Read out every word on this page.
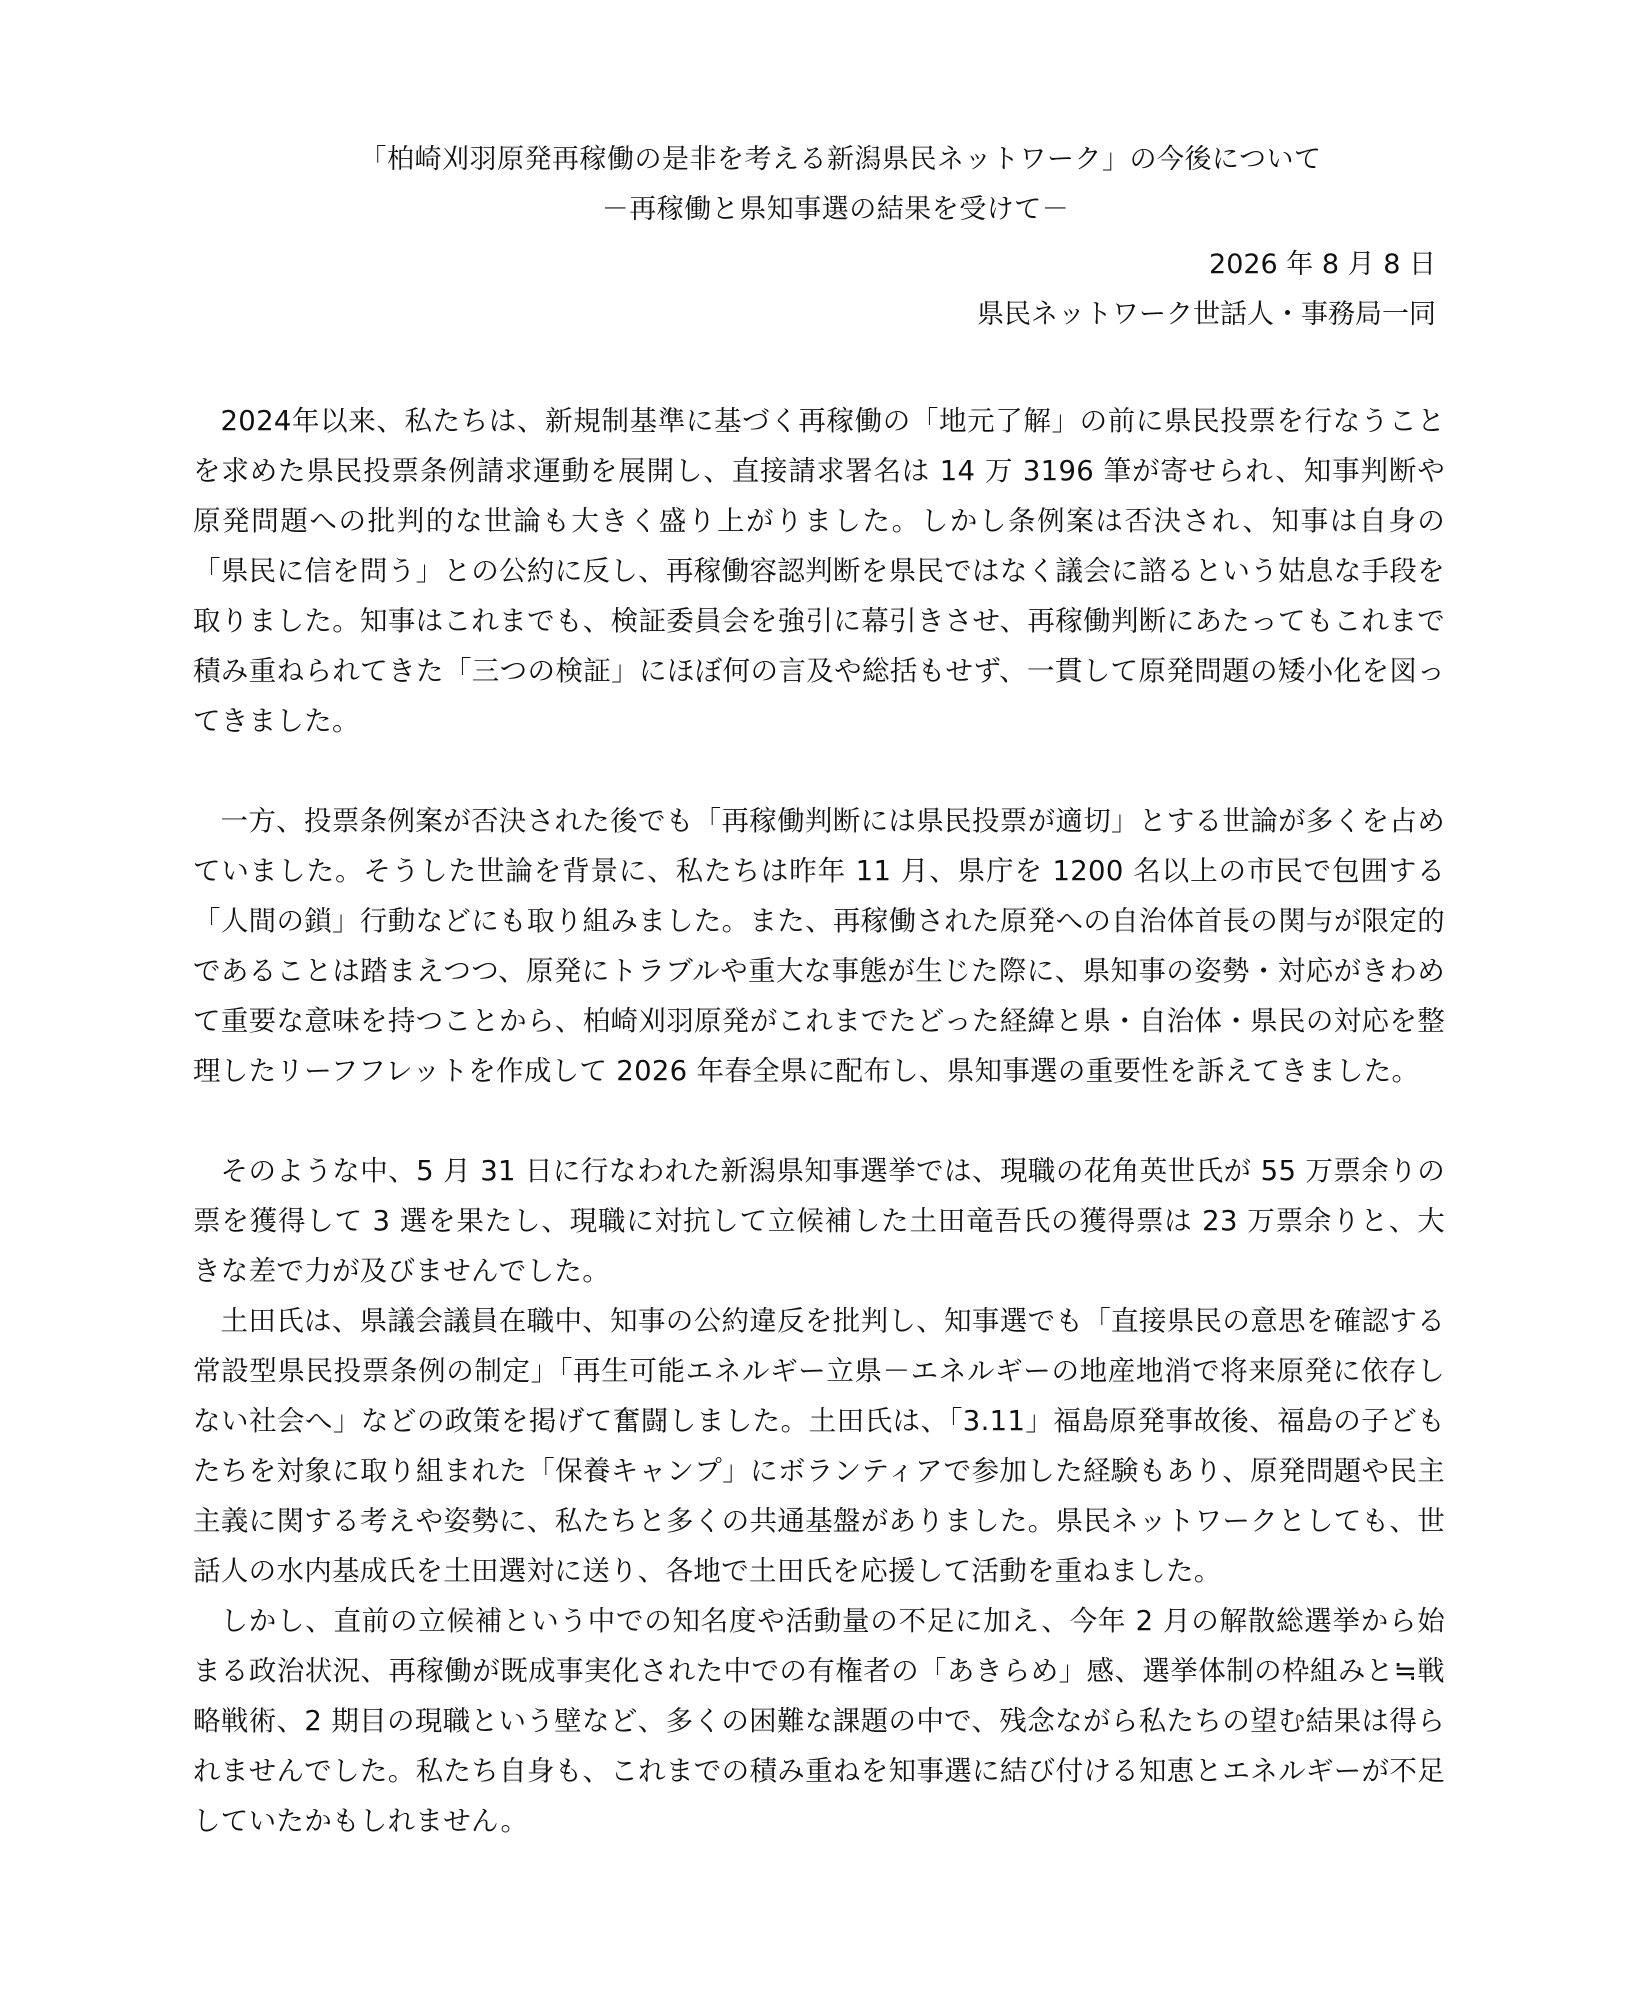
「柏崎刈羽原発再稼働の是非を考える新潟県民ネットワーク」の今後について
－再稼働と県知事選の結果を受けて－
2026 年 8 月 8 日
県民ネットワーク世話人・事務局一同

2024年以来、私たちは、新規制基準に基づく再稼働の「地元了解」の前に県民投票を行なうことを求めた県民投票条例請求運動を展開し、直接請求署名は 14 万 3196 筆が寄せられ、知事判断や原発問題への批判的な世論も大きく盛り上がりました。しかし条例案は否決され、知事は自身の「県民に信を問う」との公約に反し、再稼働容認判断を県民ではなく議会に諮るという姑息な手段を取りました。知事はこれまでも、検証委員会を強引に幕引きさせ、再稼働判断にあたってもこれまで積み重ねられてきた「三つの検証」にほぼ何の言及や総括もせず、一貫して原発問題の矮小化を図ってきました。

一方、投票条例案が否決された後でも「再稼働判断には県民投票が適切」とする世論が多くを占めていました。そうした世論を背景に、私たちは昨年 11 月、県庁を 1200 名以上の市民で包囲する「人間の鎖」行動などにも取り組みました。また、再稼働された原発への自治体首長の関与が限定的であることは踏まえつつ、原発にトラブルや重大な事態が生じた際に、県知事の姿勢・対応がきわめて重要な意味を持つことから、柏崎刈羽原発がこれまでたどった経緯と県・自治体・県民の対応を整理したリーフフレットを作成して 2026 年春全県に配布し、県知事選の重要性を訴えてきました。

そのような中、5 月 31 日に行なわれた新潟県知事選挙では、現職の花角英世氏が 55 万票余りの票を獲得して 3 選を果たし、現職に対抗して立候補した土田竜吾氏の獲得票は 23 万票余りと、大きな差で力が及びませんでした。

土田氏は、県議会議員在職中、知事の公約違反を批判し、知事選でも「直接県民の意思を確認する常設型県民投票条例の制定」「再生可能エネルギー立県－エネルギーの地産地消で将来原発に依存しない社会へ」などの政策を掲げて奮闘しました。土田氏は、「3.11」福島原発事故後、福島の子どもたちを対象に取り組まれた「保養キャンプ」にボランティアで参加した経験もあり、原発問題や民主主義に関する考えや姿勢に、私たちと多くの共通基盤がありました。県民ネットワークとしても、世話人の水内基成氏を土田選対に送り、各地で土田氏を応援して活動を重ねました。

しかし、直前の立候補という中での知名度や活動量の不足に加え、今年 2 月の解散総選挙から始まる政治状況、再稼働が既成事実化された中での有権者の「あきらめ」感、選挙体制の枠組みと≒戦略戦術、2 期目の現職という壁など、多くの困難な課題の中で、残念ながら私たちの望む結果は得られませんでした。私たち自身も、これまでの積み重ねを知事選に結び付ける知恵とエネルギーが不足していたかもしれません。
